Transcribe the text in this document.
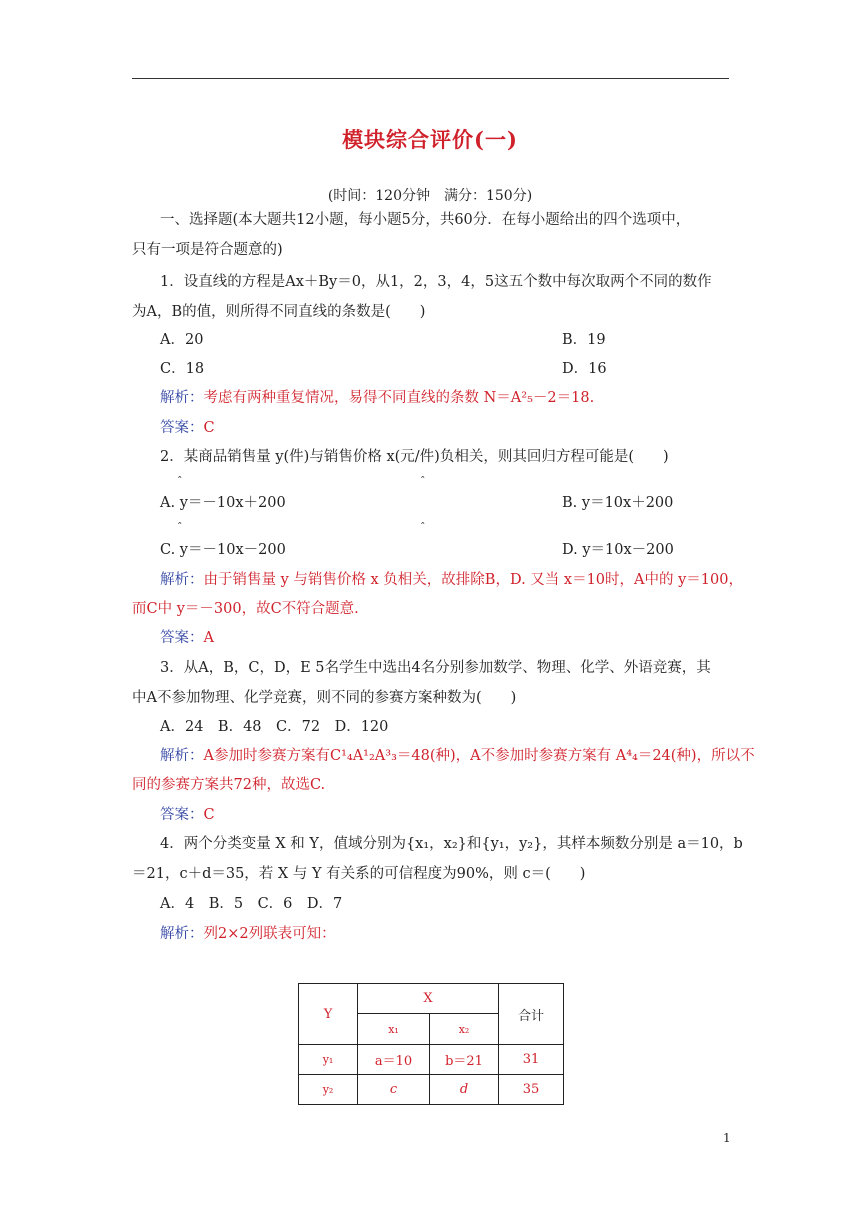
模块综合评价(一)
(时间：120分钟　满分：150分)
一、选择题(本大题共12小题，每小题5分，共60分．在每小题给出的四个选项中，
只有一项是符合题意的)
1．设直线的方程是Ax＋By＝0，从1，2，3，4，5这五个数中每次取两个不同的数作
为A，B的值，则所得不同直线的条数是(　　)
A．20	B．19
C．18	D．16
解析：考虑有两种重复情况，易得不同直线的条数 N＝A²₅－2＝18.
答案：C
2．某商品销售量 y(件)与销售价格 x(元/件)负相关，则其回归方程可能是(　　)
ˆ	ˆ
A. y＝－10x＋200	B. y＝10x＋200
ˆ	ˆ
C. y＝－10x－200	D. y＝10x－200
解析：由于销售量 y 与销售价格 x 负相关，故排除B，D. 又当 x＝10时，A中的 y＝100，
而C中 y＝－300，故C不符合题意.
答案：A
3．从A，B，C，D，E 5名学生中选出4名分别参加数学、物理、化学、外语竞赛，其
中A不参加物理、化学竞赛，则不同的参赛方案种数为(　　)
A．24　B．48　C．72　D．120
解析：A参加时参赛方案有C¹₄A¹₂A³₃＝48(种)，A不参加时参赛方案有 A⁴₄＝24(种)，所以不
同的参赛方案共72种，故选C.
答案：C
4．两个分类变量 X 和 Y，值域分别为{x₁，x₂}和{y₁，y₂}，其样本频数分别是 a＝10，b
＝21，c＋d＝35，若 X 与 Y 有关系的可信程度为90%，则 c＝(　　)
A．4　B．5　C．6　D．7
解析：列2×2列联表可知：
Y	X		合计
	x₁	x₂	
y₁	a＝10	b＝21	31
y₂	c	d	35
1
